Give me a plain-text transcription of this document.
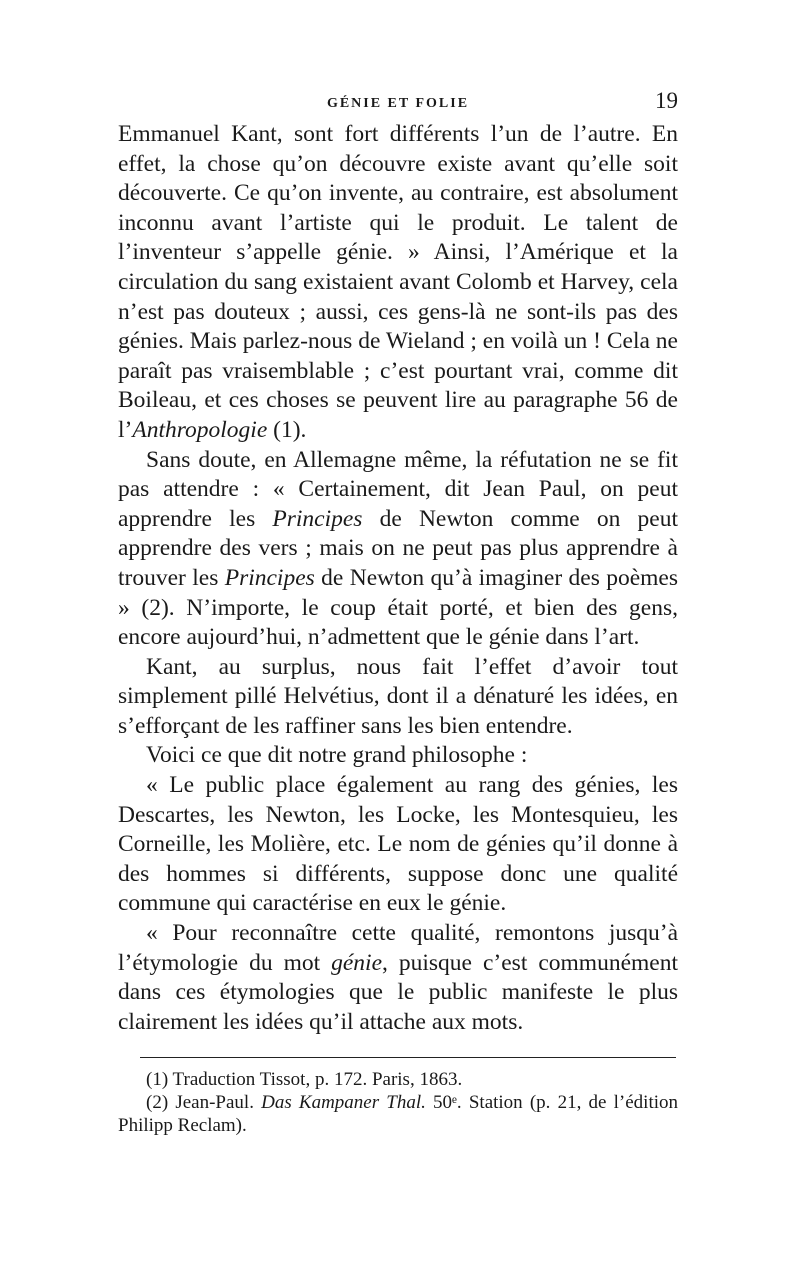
GÉNIE ET FOLIE	19

Emmanuel Kant, sont fort différents l’un de l’autre. En effet, la chose qu’on découvre existe avant qu’elle soit découverte. Ce qu’on invente, au contraire, est absolument inconnu avant l’artiste qui le produit. Le talent de l’inventeur s’appelle génie. » Ainsi, l’Amérique et la circulation du sang existaient avant Colomb et Harvey, cela n’est pas douteux ; aussi, ces gens-là ne sont-ils pas des génies. Mais parlez-nous de Wieland ; en voilà un ! Cela ne paraît pas vraisemblable ; c’est pourtant vrai, comme dit Boileau, et ces choses se peuvent lire au paragraphe 56 de l’Anthropologie (1).

Sans doute, en Allemagne même, la réfutation ne se fit pas attendre : « Certainement, dit Jean Paul, on peut apprendre les Principes de Newton comme on peut apprendre des vers ; mais on ne peut pas plus apprendre à trouver les Principes de Newton qu’à imaginer des poèmes » (2). N’importe, le coup était porté, et bien des gens, encore aujourd’hui, n’admettent que le génie dans l’art.

Kant, au surplus, nous fait l’effet d’avoir tout simplement pillé Helvétius, dont il a dénaturé les idées, en s’efforçant de les raffiner sans les bien entendre.

Voici ce que dit notre grand philosophe :

« Le public place également au rang des génies, les Descartes, les Newton, les Locke, les Montesquieu, les Corneille, les Molière, etc. Le nom de génies qu’il donne à des hommes si différents, suppose donc une qualité commune qui caractérise en eux le génie.

« Pour reconnaître cette qualité, remontons jusqu’à l’étymologie du mot génie, puisque c’est communément dans ces étymologies que le public manifeste le plus clairement les idées qu’il attache aux mots.

(1) Traduction Tissot, p. 172. Paris, 1863.

(2) Jean-Paul. Das Kampaner Thal. 50ᵉ. Station (p. 21, de l’édition Philipp Reclam).
